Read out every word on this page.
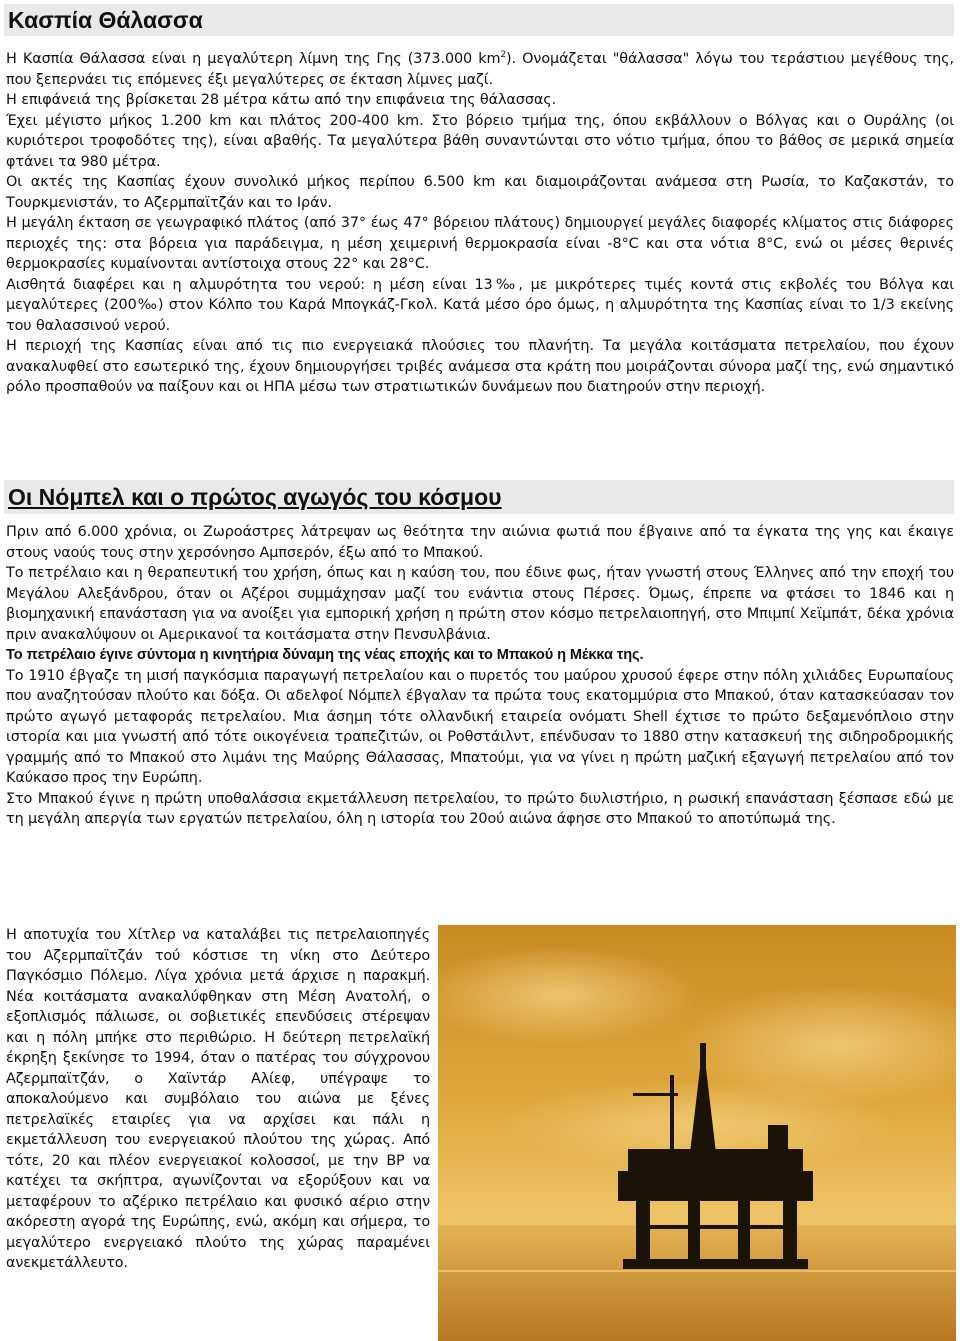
Κασπία Θάλασσα

Η Κασπία Θάλασσα είναι η μεγαλύτερη λίμνη της Γης (373.000 $km^2$). Ονομάζεται "θάλασσα" λόγω του τεράστιου μεγέθους της, που ξεπερνάει τις επόμενες έξι μεγαλύτερες σε έκταση λίμνες μαζί.

Η επιφάνειά της βρίσκεται 28 μέτρα κάτω από την επιφάνεια της θάλασσας.

Έχει μέγιστο μήκος 1.200 km και πλάτος 200-400 km. Στο βόρειο τμήμα της, όπου εκβάλλουν ο Βόλγας και ο Ουράλης (οι κυριότεροι τροφοδότες της), είναι αβαθής. Τα μεγαλύτερα βάθη συναντώνται στο νότιο τμήμα, όπου το βάθος σε μερικά σημεία φτάνει τα 980 μέτρα.

Οι ακτές της Κασπίας έχουν συνολικό μήκος περίπου 6.500 km και διαμοιράζονται ανάμεσα στη Ρωσία, το Καζακστάν, το Τουρκμενιστάν, το Αζερμπαϊτζάν και το Ιράν.

Η μεγάλη έκταση σε γεωγραφικό πλάτος (από 37° έως 47° βόρειου πλάτους) δημιουργεί μεγάλες διαφορές κλίματος στις διάφορες περιοχές της: στα βόρεια για παράδειγμα, η μέση χειμερινή θερμοκρασία είναι -8°C και στα νότια 8°C, ενώ οι μέσες θερινές θερμοκρασίες κυμαίνονται αντίστοιχα στους 22° και 28°C.

Αισθητά διαφέρει και η αλμυρότητα του νερού: η μέση είναι 13‰, με μικρότερες τιμές κοντά στις εκβολές του Βόλγα και μεγαλύτερες (200‰) στον Κόλπο του Καρά Μπογκάζ-Γκολ. Κατά μέσο όρο όμως, η αλμυρότητα της Κασπίας είναι το 1/3 εκείνης του θαλασσινού νερού.

Η περιοχή της Κασπίας είναι από τις πιο ενεργειακά πλούσιες του πλανήτη. Τα μεγάλα κοιτάσματα πετρελαίου, που έχουν ανακαλυφθεί στο εσωτερικό της, έχουν δημιουργήσει τριβές ανάμεσα στα κράτη που μοιράζονται σύνορα μαζί της, ενώ σημαντικό ρόλο προσπαθούν να παίξουν και οι ΗΠΑ μέσω των στρατιωτικών δυνάμεων που διατηρούν στην περιοχή.

Οι Νόμπελ και ο πρώτος αγωγός του κόσμου

Πριν από 6.000 χρόνια, οι Ζωροάστρες λάτρεψαν ως θεότητα την αιώνια φωτιά που έβγαινε από τα έγκατα της γης και έκαιγε στους ναούς τους στην χερσόνησο Αμπσερόν, έξω από το Μπακού.

Το πετρέλαιο και η θεραπευτική του χρήση, όπως και η καύση του, που έδινε φως, ήταν γνωστή στους Έλληνες από την εποχή του Μεγάλου Αλεξάνδρου, όταν οι Αζέροι συμμάχησαν μαζί του ενάντια στους Πέρσες. Όμως, έπρεπε να φτάσει το 1846 και η βιομηχανική επανάσταση για να ανοίξει για εμπορική χρήση η πρώτη στον κόσμο πετρελαιοπηγή, στο Μπιμπί Χεϊμπάτ, δέκα χρόνια πριν ανακαλύψουν οι Αμερικανοί τα κοιτάσματα στην Πενσυλβάνια.

Το πετρέλαιο έγινε σύντομα η κινητήρια δύναμη της νέας εποχής και το Μπακού η Μέκκα της.

Το 1910 έβγαζε τη μισή παγκόσμια παραγωγή πετρελαίου και ο πυρετός του μαύρου χρυσού έφερε στην πόλη χιλιάδες Ευρωπαίους που αναζητούσαν πλούτο και δόξα. Οι αδελφοί Νόμπελ έβγαλαν τα πρώτα τους εκατομμύρια στο Μπακού, όταν κατασκεύασαν τον πρώτο αγωγό μεταφοράς πετρελαίου. Μια άσημη τότε ολλανδική εταιρεία ονόματι Shell έχτισε το πρώτο δεξαμενόπλοιο στην ιστορία και μια γνωστή από τότε οικογένεια τραπεζιτών, οι Ροθστάιλντ, επένδυσαν το 1880 στην κατασκευή της σιδηροδρομικής γραμμής από το Μπακού στο λιμάνι της Μαύρης Θάλασσας, Μπατούμι, για να γίνει η πρώτη μαζική εξαγωγή πετρελαίου από τον Καύκασο προς την Ευρώπη.

Στο Μπακού έγινε η πρώτη υποθαλάσσια εκμετάλλευση πετρελαίου, το πρώτο διυλιστήριο, η ρωσική επανάσταση ξέσπασε εδώ με τη μεγάλη απεργία των εργατών πετρελαίου, όλη η ιστορία του 20ού αιώνα άφησε στο Μπακού το αποτύπωμά της.

Η αποτυχία του Χίτλερ να καταλάβει τις πετρελαιοπηγές του Αζερμπαϊτζάν τού κόστισε τη νίκη στο Δεύτερο Παγκόσμιο Πόλεμο. Λίγα χρόνια μετά άρχισε η παρακμή. Νέα κοιτάσματα ανακαλύφθηκαν στη Μέση Ανατολή, ο εξοπλισμός πάλιωσε, οι σοβιετικές επενδύσεις στέρεψαν και η πόλη μπήκε στο περιθώριο. Η δεύτερη πετρελαϊκή έκρηξη ξεκίνησε το 1994, όταν ο πατέρας του σύγχρονου Αζερμπαϊτζάν, ο Χαϊντάρ Αλίεφ, υπέγραψε το αποκαλούμενο και συμβόλαιο του αιώνα με ξένες πετρελαϊκές εταιρίες για να αρχίσει και πάλι η εκμετάλλευση του ενεργειακού πλούτου της χώρας. Από τότε, 20 και πλέον ενεργειακοί κολοσσοί, με την BP να κατέχει τα σκήπτρα, αγωνίζονται να εξορύξουν και να μεταφέρουν το αζέρικο πετρέλαιο και φυσικό αέριο στην ακόρεστη αγορά της Ευρώπης, ενώ, ακόμη και σήμερα, το μεγαλύτερο ενεργειακό πλούτο της χώρας παραμένει ανεκμετάλλευτο.
